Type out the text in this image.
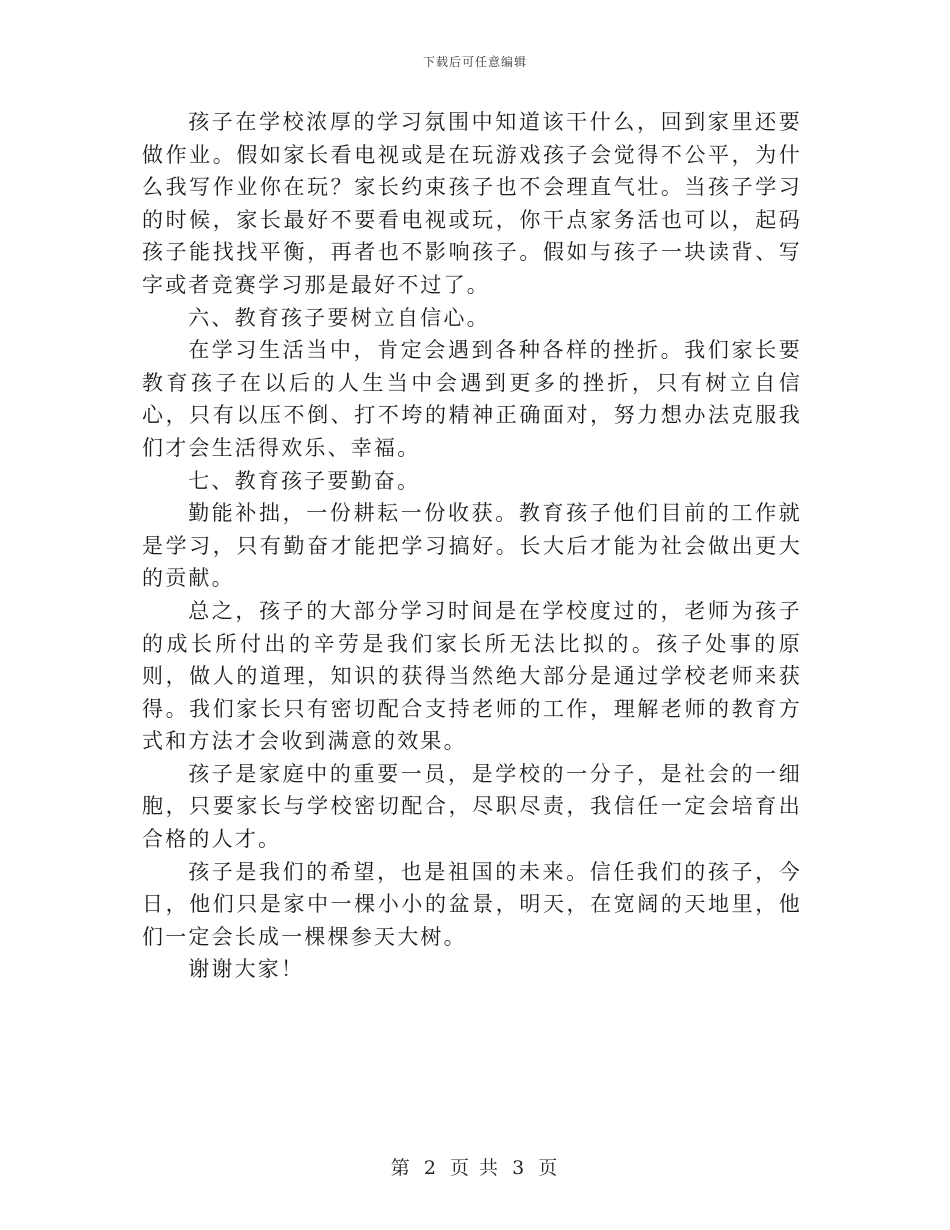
下载后可任意编辑

孩子在学校浓厚的学习氛围中知道该干什么，回到家里还要做作业。假如家长看电视或是在玩游戏孩子会觉得不公平，为什么我写作业你在玩？家长约束孩子也不会理直气壮。当孩子学习的时候，家长最好不要看电视或玩，你干点家务活也可以，起码孩子能找找平衡，再者也不影响孩子。假如与孩子一块读背、写字或者竞赛学习那是最好不过了。

六、教育孩子要树立自信心。

在学习生活当中，肯定会遇到各种各样的挫折。我们家长要教育孩子在以后的人生当中会遇到更多的挫折，只有树立自信心，只有以压不倒、打不垮的精神正确面对，努力想办法克服我们才会生活得欢乐、幸福。

七、教育孩子要勤奋。

勤能补拙，一份耕耘一份收获。教育孩子他们目前的工作就是学习，只有勤奋才能把学习搞好。长大后才能为社会做出更大的贡献。

总之，孩子的大部分学习时间是在学校度过的，老师为孩子的成长所付出的辛劳是我们家长所无法比拟的。孩子处事的原则，做人的道理，知识的获得当然绝大部分是通过学校老师来获得。我们家长只有密切配合支持老师的工作，理解老师的教育方式和方法才会收到满意的效果。

孩子是家庭中的重要一员，是学校的一分子，是社会的一细胞，只要家长与学校密切配合，尽职尽责，我信任一定会培育出合格的人才。

孩子是我们的希望，也是祖国的未来。信任我们的孩子，今日，他们只是家中一棵小小的盆景，明天，在宽阔的天地里，他们一定会长成一棵棵参天大树。

谢谢大家！

第 2 页 共 3 页
